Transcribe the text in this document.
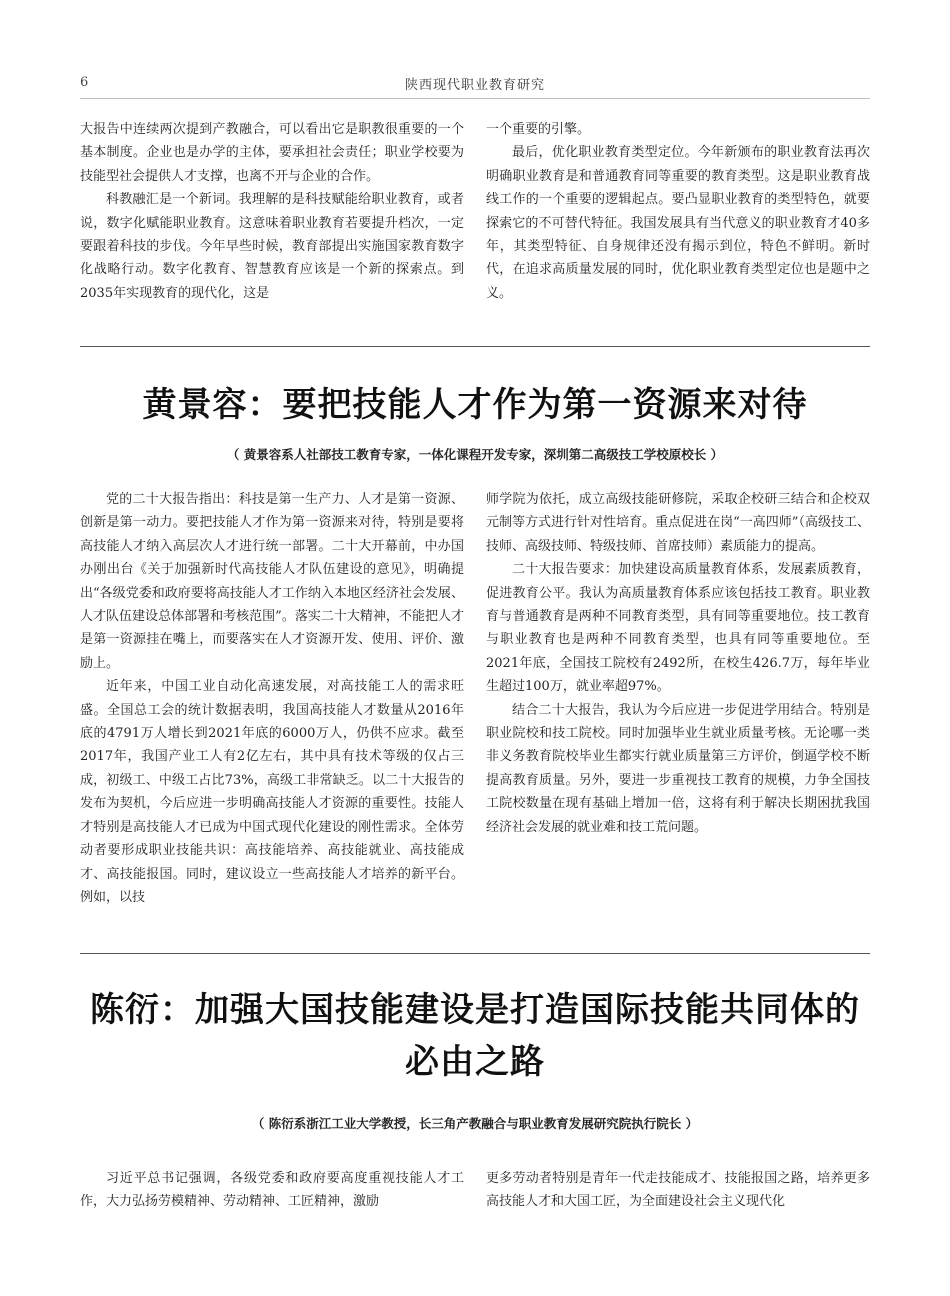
6	陕西现代职业教育研究

大报告中连续两次提到产教融合，可以看出它是职教很重要的一个基本制度。企业也是办学的主体，要承担社会责任；职业学校要为技能型社会提供人才支撑，也离不开与企业的合作。

科教融汇是一个新词。我理解的是科技赋能给职业教育，或者说，数字化赋能职业教育。这意味着职业教育若要提升档次，一定要跟着科技的步伐。今年早些时候，教育部提出实施国家教育数字化战略行动。数字化教育、智慧教育应该是一个新的探索点。到2035年实现教育的现代化，这是

一个重要的引擎。

最后，优化职业教育类型定位。今年新颁布的职业教育法再次明确职业教育是和普通教育同等重要的教育类型。这是职业教育战线工作的一个重要的逻辑起点。要凸显职业教育的类型特色，就要探索它的不可替代特征。我国发展具有当代意义的职业教育才40多年，其类型特征、自身规律还没有揭示到位，特色不鲜明。新时代，在追求高质量发展的同时，优化职业教育类型定位也是题中之义。

黄景容：要把技能人才作为第一资源来对待
（ 黄景容系人社部技工教育专家，一体化课程开发专家，深圳第二高级技工学校原校长 ）

党的二十大报告指出：科技是第一生产力、人才是第一资源、创新是第一动力。要把技能人才作为第一资源来对待，特别是要将高技能人才纳入高层次人才进行统一部署。二十大开幕前，中办国办刚出台《关于加强新时代高技能人才队伍建设的意见》，明确提出“各级党委和政府要将高技能人才工作纳入本地区经济社会发展、人才队伍建设总体部署和考核范围”。落实二十大精神，不能把人才是第一资源挂在嘴上，而要落实在人才资源开发、使用、评价、激励上。

近年来，中国工业自动化高速发展，对高技能工人的需求旺盛。全国总工会的统计数据表明，我国高技能人才数量从2016年底的4791万人增长到2021年底的6000万人，仍供不应求。截至2017年，我国产业工人有2亿左右，其中具有技术等级的仅占三成，初级工、中级工占比73%，高级工非常缺乏。以二十大报告的发布为契机，今后应进一步明确高技能人才资源的重要性。技能人才特别是高技能人才已成为中国式现代化建设的刚性需求。全体劳动者要形成职业技能共识：高技能培养、高技能就业、高技能成才、高技能报国。同时，建议设立一些高技能人才培养的新平台。例如，以技

师学院为依托，成立高级技能研修院，采取企校研三结合和企校双元制等方式进行针对性培育。重点促进在岗“一高四师”（高级技工、技师、高级技师、特级技师、首席技师）素质能力的提高。

二十大报告要求：加快建设高质量教育体系，发展素质教育，促进教育公平。我认为高质量教育体系应该包括技工教育。职业教育与普通教育是两种不同教育类型，具有同等重要地位。技工教育与职业教育也是两种不同教育类型，也具有同等重要地位。至2021年底，全国技工院校有2492所，在校生426.7万，每年毕业生超过100万，就业率超97%。

结合二十大报告，我认为今后应进一步促进学用结合。特别是职业院校和技工院校。同时加强毕业生就业质量考核。无论哪一类非义务教育院校毕业生都实行就业质量第三方评价，倒逼学校不断提高教育质量。另外，要进一步重视技工教育的规模，力争全国技工院校数量在现有基础上增加一倍，这将有利于解决长期困扰我国经济社会发展的就业难和技工荒问题。

陈衍：加强大国技能建设是打造国际技能共同体的
必由之路
（ 陈衍系浙江工业大学教授，长三角产教融合与职业教育发展研究院执行院长 ）

习近平总书记强调，各级党委和政府要高度重视技能人才工作，大力弘扬劳模精神、劳动精神、工匠精神，激励

更多劳动者特别是青年一代走技能成才、技能报国之路，培养更多高技能人才和大国工匠，为全面建设社会主义现代化
